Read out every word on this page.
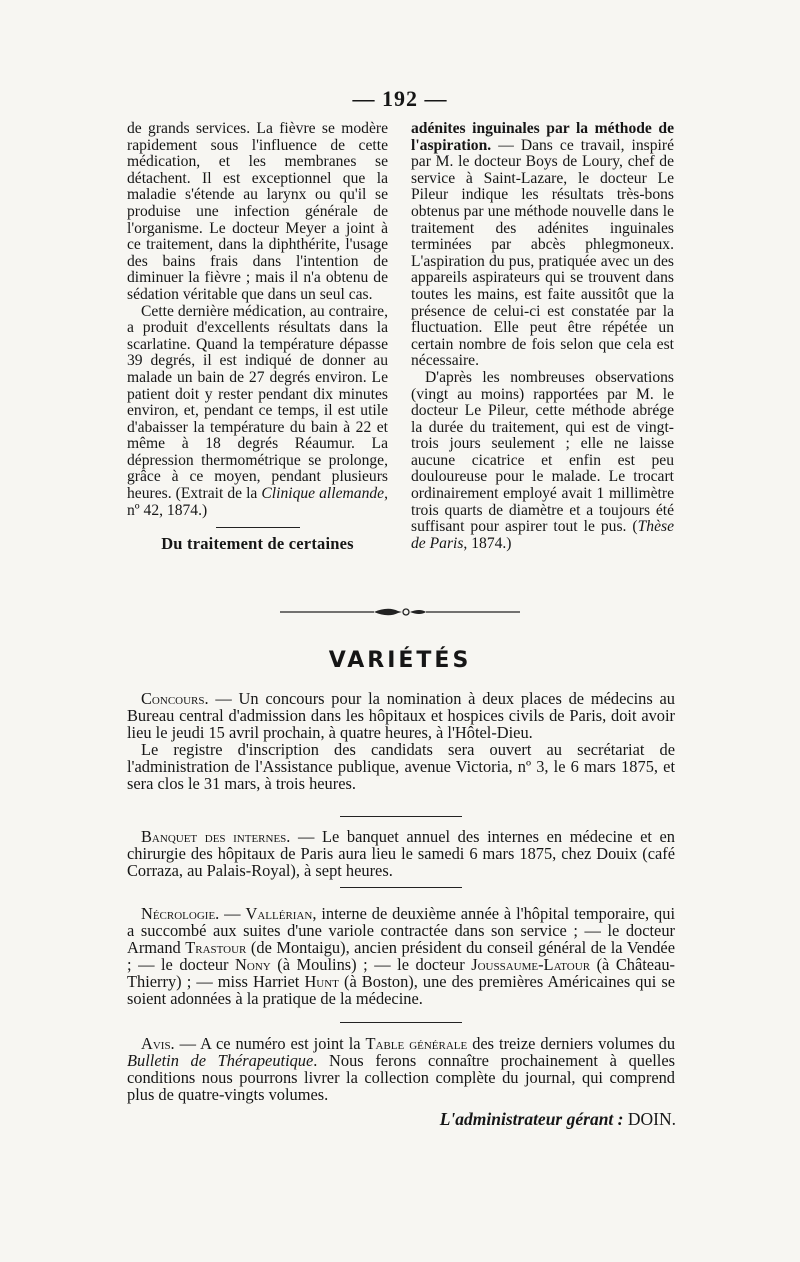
— 192 —

de grands services. La fièvre se modère rapidement sous l'influence de cette médication, et les membranes se détachent. Il est exceptionnel que la maladie s'étende au larynx ou qu'il se produise une infection générale de l'organisme. Le docteur Meyer a joint à ce traitement, dans la diphthérite, l'usage des bains frais dans l'intention de diminuer la fièvre ; mais il n'a obtenu de sédation véritable que dans un seul cas.

Cette dernière médication, au contraire, a produit d'excellents résultats dans la scarlatine. Quand la température dépasse 39 degrés, il est indiqué de donner au malade un bain de 27 degrés environ. Le patient doit y rester pendant dix minutes environ, et, pendant ce temps, il est utile d'abaisser la température du bain à 22 et même à 18 degrés Réaumur. La dépression thermométrique se prolonge, grâce à ce moyen, pendant plusieurs heures. (Extrait de la Clinique allemande, nº 42, 1874.)

Du traitement de certaines

adénites inguinales par la méthode de l'aspiration. — Dans ce travail, inspiré par M. le docteur Boys de Loury, chef de service à Saint-Lazare, le docteur Le Pileur indique les résultats très-bons obtenus par une méthode nouvelle dans le traitement des adénites inguinales terminées par abcès phlegmoneux. L'aspiration du pus, pratiquée avec un des appareils aspirateurs qui se trouvent dans toutes les mains, est faite aussitôt que la présence de celui-ci est constatée par la fluctuation. Elle peut être répétée un certain nombre de fois selon que cela est nécessaire.

D'après les nombreuses observations (vingt au moins) rapportées par M. le docteur Le Pileur, cette méthode abrége la durée du traitement, qui est de vingt-trois jours seulement ; elle ne laisse aucune cicatrice et enfin est peu douloureuse pour le malade. Le trocart ordinairement employé avait 1 millimètre trois quarts de diamètre et a toujours été suffisant pour aspirer tout le pus. (Thèse de Paris, 1874.)

VARIÉTÉS

Concours. — Un concours pour la nomination à deux places de médecins au Bureau central d'admission dans les hôpitaux et hospices civils de Paris, doit avoir lieu le jeudi 15 avril prochain, à quatre heures, à l'Hôtel-Dieu.

Le registre d'inscription des candidats sera ouvert au secrétariat de l'administration de l'Assistance publique, avenue Victoria, nº 3, le 6 mars 1875, et sera clos le 31 mars, à trois heures.

Banquet des internes. — Le banquet annuel des internes en médecine et en chirurgie des hôpitaux de Paris aura lieu le samedi 6 mars 1875, chez Douix (café Corraza, au Palais-Royal), à sept heures.

Nécrologie. — Vallérian, interne de deuxième année à l'hôpital temporaire, qui a succombé aux suites d'une variole contractée dans son service ; — le docteur Armand Trastour (de Montaigu), ancien président du conseil général de la Vendée ; — le docteur Nony (à Moulins) ; — le docteur Joussaume-Latour (à Château-Thierry) ; — miss Harriet Hunt (à Boston), une des premières Américaines qui se soient adonnées à la pratique de la médecine.

Avis. — A ce numéro est joint la Table générale des treize derniers volumes du Bulletin de Thérapeutique. Nous ferons connaître prochainement à quelles conditions nous pourrons livrer la collection complète du journal, qui comprend plus de quatre-vingts volumes.

L'administrateur gérant : DOIN.
